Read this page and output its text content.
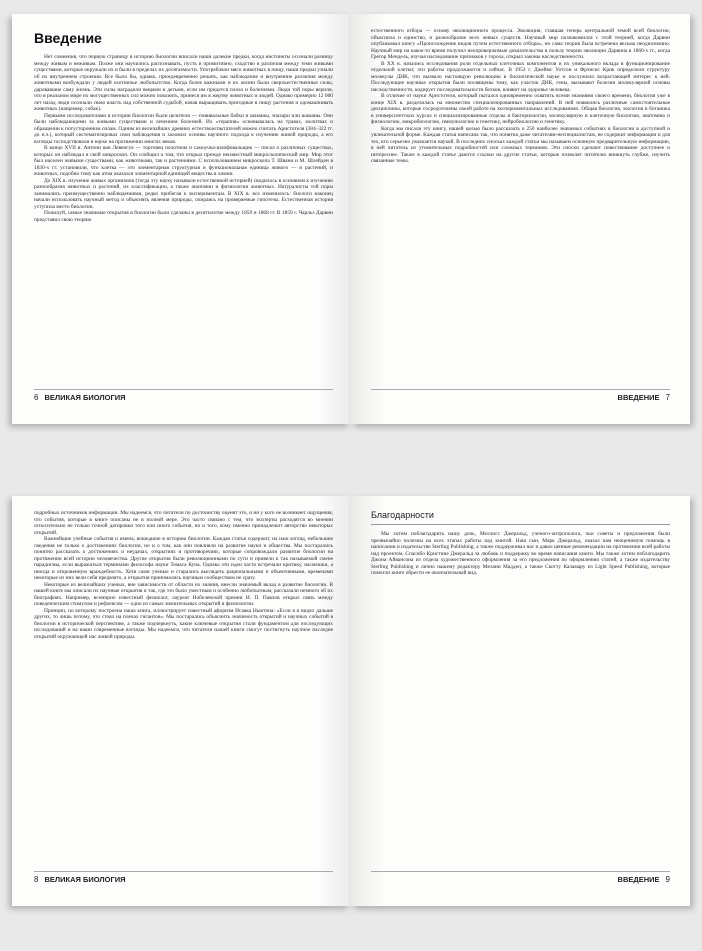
Введение

Нет сомнения, что первую страницу в историю биологии вписали наши далекие предки, когда инстинкты осознали разницу между живым и неживым. Позже они научились распознавать, пусть и примитивно, сходство и различия между теми живыми существами, которые окружали их и были в пределах их досягаемости. Употребляли мясо животных в пищу, наши предки узнали об их внутреннем строении. Все было бы, однако, преждевременно решать, как наблюдение и внутренние различия между животными возбуждали у людей охотничье любопытство. Когда более важными и их жизни были сверхъестественные силы, даровавшие саму жизнь. Эти силы наградили вещами и детьми, если им придется плохо и болезнями. Люди той поры верили, что в реальном мире их могущественных сил можно повлиять, принеся им в жертву животных и людей. Однако примерно 12 000 лет назад люди осознали свою власть над собственной судьбой, начав выращивать пригодные в пищу растения и одомашнивать животных (например, собак).

Первыми исследователями в истории биологии были целители — повивальные бабки и шаманы, знахари или шаманы. Они были наблюдающими за живыми существами и лечением болезней. Их «терапия» основывалась на травах, молитвах и обращении к потусторонним силам. Одним из величайших древних естествоиспытателей можно считать Аристотеля (384–322 гг. до н.э.), который систематизировал свои наблюдения и заложил основы научного подхода к изучению живой природы, а его взгляды господствовали в науке на протяжении многих веков.

В конце XVII в. Антони ван Левенгук — торговец полотном и самоучка-шлифовальщик — писал о различных существах, которых он наблюдал в свой микроскоп. Он сообщил о том, что открыл прежде неизвестный микроскопический мир. Мир этот был населен живыми существами, как животными, так и растениями. С использованием микроскопа Т. Шванн и М. Шлейден в 1830-х гг. установили, что клетка — это элементарная структурная и функциональная единица живого — и растений, и животных, подобно тому как атом оказался элементарной единицей вещества в химии.

До XIX в. изучение живых организмов (тогда эту науку называли естественной историей) сводилось в основном к изучению разнообразия животных и растений, их классификации, а также анатомии и физиологии животных. Натуралисты той поры занимались преимущественно наблюдениями, редко прибегая к экспериментам. В XIX в. все изменилось: биологи наконец начали использовать научный метод и объяснять явления природы, опираясь на проверяемые гипотезы. Естественная история уступила место биологии.

Пожалуй, самые значимые открытия в биологии были сделаны в десятилетие между 1859 и 1868 гг. В 1859 г. Чарльз Дарвин представил свою теорию

6 ВЕЛИКАЯ БИОЛОГИЯ

естественного отбора — основу эволюционного процесса. Эволюция, ставшая теперь центральной темой всей биологии, объяснила и единство, и разнообразие всех живых существ. Научный мир познакомился с этой теорией, когда Дарвин опубликовал книгу «Происхождение видов путем естественного отбора», но сама теория была встречена весьма неоднозначно. Научный мир на какое-то время получил неопровержимые доказательства в пользу теории эволюции Дарвина в 1860-х гг., когда Грегор Мендель, изучая наследование признаков у гороха, открыл законы наследственности.

В XX в. начались исследования роли отдельных клеточных компонентов и их уникального вклада в функционирование отдельной клетки; эти работы продолжаются и сейчас. В 1953 г. Джеймс Уотсон и Фрэнсис Крик определили структуру молекулы ДНК, что вызвало настоящую революцию в биологической науке и послужило возрастающей интерес к ней. Последующие научные открытия были посвящены тому, как участок ДНК, гены, вызывают болезни молекулярной основы наследственности, кодирует последовательности белков, влияют на здоровье человека.

В отличие от науки Аристотеля, который пытался одновременно охватить всеми знаниями своего времени, биология уже в конце XIX в. разделилась на множество специализированных направлений. В ней появились различные самостоятельные дисциплины, которые сосредоточены своей работе на экспериментальных исследованиях. Общая биология, зоология и ботаника в университетских курсах и специализированные отделы в бактериологии, молекулярную и клеточную биологию, анатомию и физиологию, микробиологию, иммунологию и генетику, нейробиологию и генетику.

Когда мы писали эту книгу, нашей целью было рассказать о 250 наиболее значимых событиях в биологии в доступной и увлекательной форме. Каждая статья написана так, что понятна даже читателям-неспециалистам, не содержит информации и для тех, кто серьезно увлекается наукой. В последних сносках каждой статьи мы называем основную предварительную информацию, в ней читатель из утомительных подробностей или сложных терминов. Эти сноски сделают повествование доступнее и интереснее. Также в каждой статье даются ссылки на другие статьи, которые позволят читателю вникнуть глубже, изучить связанные темы.

ВВЕДЕНИЕ 7

подробных источников информации. Мы надеемся, что читатели по достоинству оценят это, и ни у кого не возникнет ощущения, что события, которые в книге описаны не в полной мере. Это часто связано с тем, что эксперты расходятся во мнении относительно не только точной датировки того или иного события, но и того, кому именно принадлежит авторство некоторых открытий.

Важнейшие учебные события и имена, вошедшие в историю биологии. Каждая статья содержит, на наш взгляд, небольшие сведения не только о достижениях биологии, но и о том, как они повлияли на развитие науки и общества. Мы постарались понятно рассказать о достижениях и неудачах, открытиях и противоречиях, которые сопровождали развитие биологии на протяжении всей истории человечества. Другие открытия были революционными по сути и привели к так называемой смене парадигмы, если выражаться терминами философа науки Томаса Куна. Однако эти идеи часто встречали критику, насмешки, а иногда и откровенную враждебность. Хотя сами ученые и старались выглядеть рациональными и объективными, временами некоторые из них вели себя предвзято, а открытия принимались научным сообществом не сразу.

Некоторые из величайших ученых, вне зависимости от области их знания, внесли значимый вклад в развитие биологии. В нашей книге мы описали их научные открытия и так, где это было уместным и особенно любопытным, рассказали немного об их биографиях. Например, всемирно известный физиолог, лауреат Нобелевской премии И. П. Павлов открыл связь между поведенческим стимулом и рефлексом — одно из самых значительных открытий в физиологии.

Принцип, по которому построена наша книга, иллюстрирует известный афоризм Исаака Ньютона: «Если я и видел дальше других, то лишь потому, что стоял на плечах гигантов». Мы постарались объяснить значимость открытий и научных событий в биологии в исторической перспективе, а также подчеркнуть, какие ключевые открытия стали фундаментом для последующих исследований и на наши современные взгляды. Мы надеемся, что читатели нашей книги смогут постигнуть научное наследие открытий окружающей нас живой природы.

8 ВЕЛИКАЯ БИОЛОГИЯ
Благодарности

Мы хотим поблагодарить нашу дочь, Меллисс Джеральд, ученого-антрополога, чьи советы и предложения были чрезвычайно полезны на всех этапах работы над книгой. Наш сын, Марк Джеральд, оказал нам неоценимую помощь в написании и издательстве Sterling Publishing, а также поддерживал нас и давал ценные рекомендации на протяжении всей работы над проектом. Спасибо Кристине Джеральд за любовь и поддержку во время написания книги. Мы также хотим поблагодарить Джона Айвансона из отдела художественного оформления за его предложения по оформлению статей, а также издательству Sterling Publishing и лично нашему редактору Мелани Мадден, а также Скотту Каламару из Light Speed Publishing, которые помогли книге обрести ее окончательный вид.

ВВЕДЕНИЕ 9
